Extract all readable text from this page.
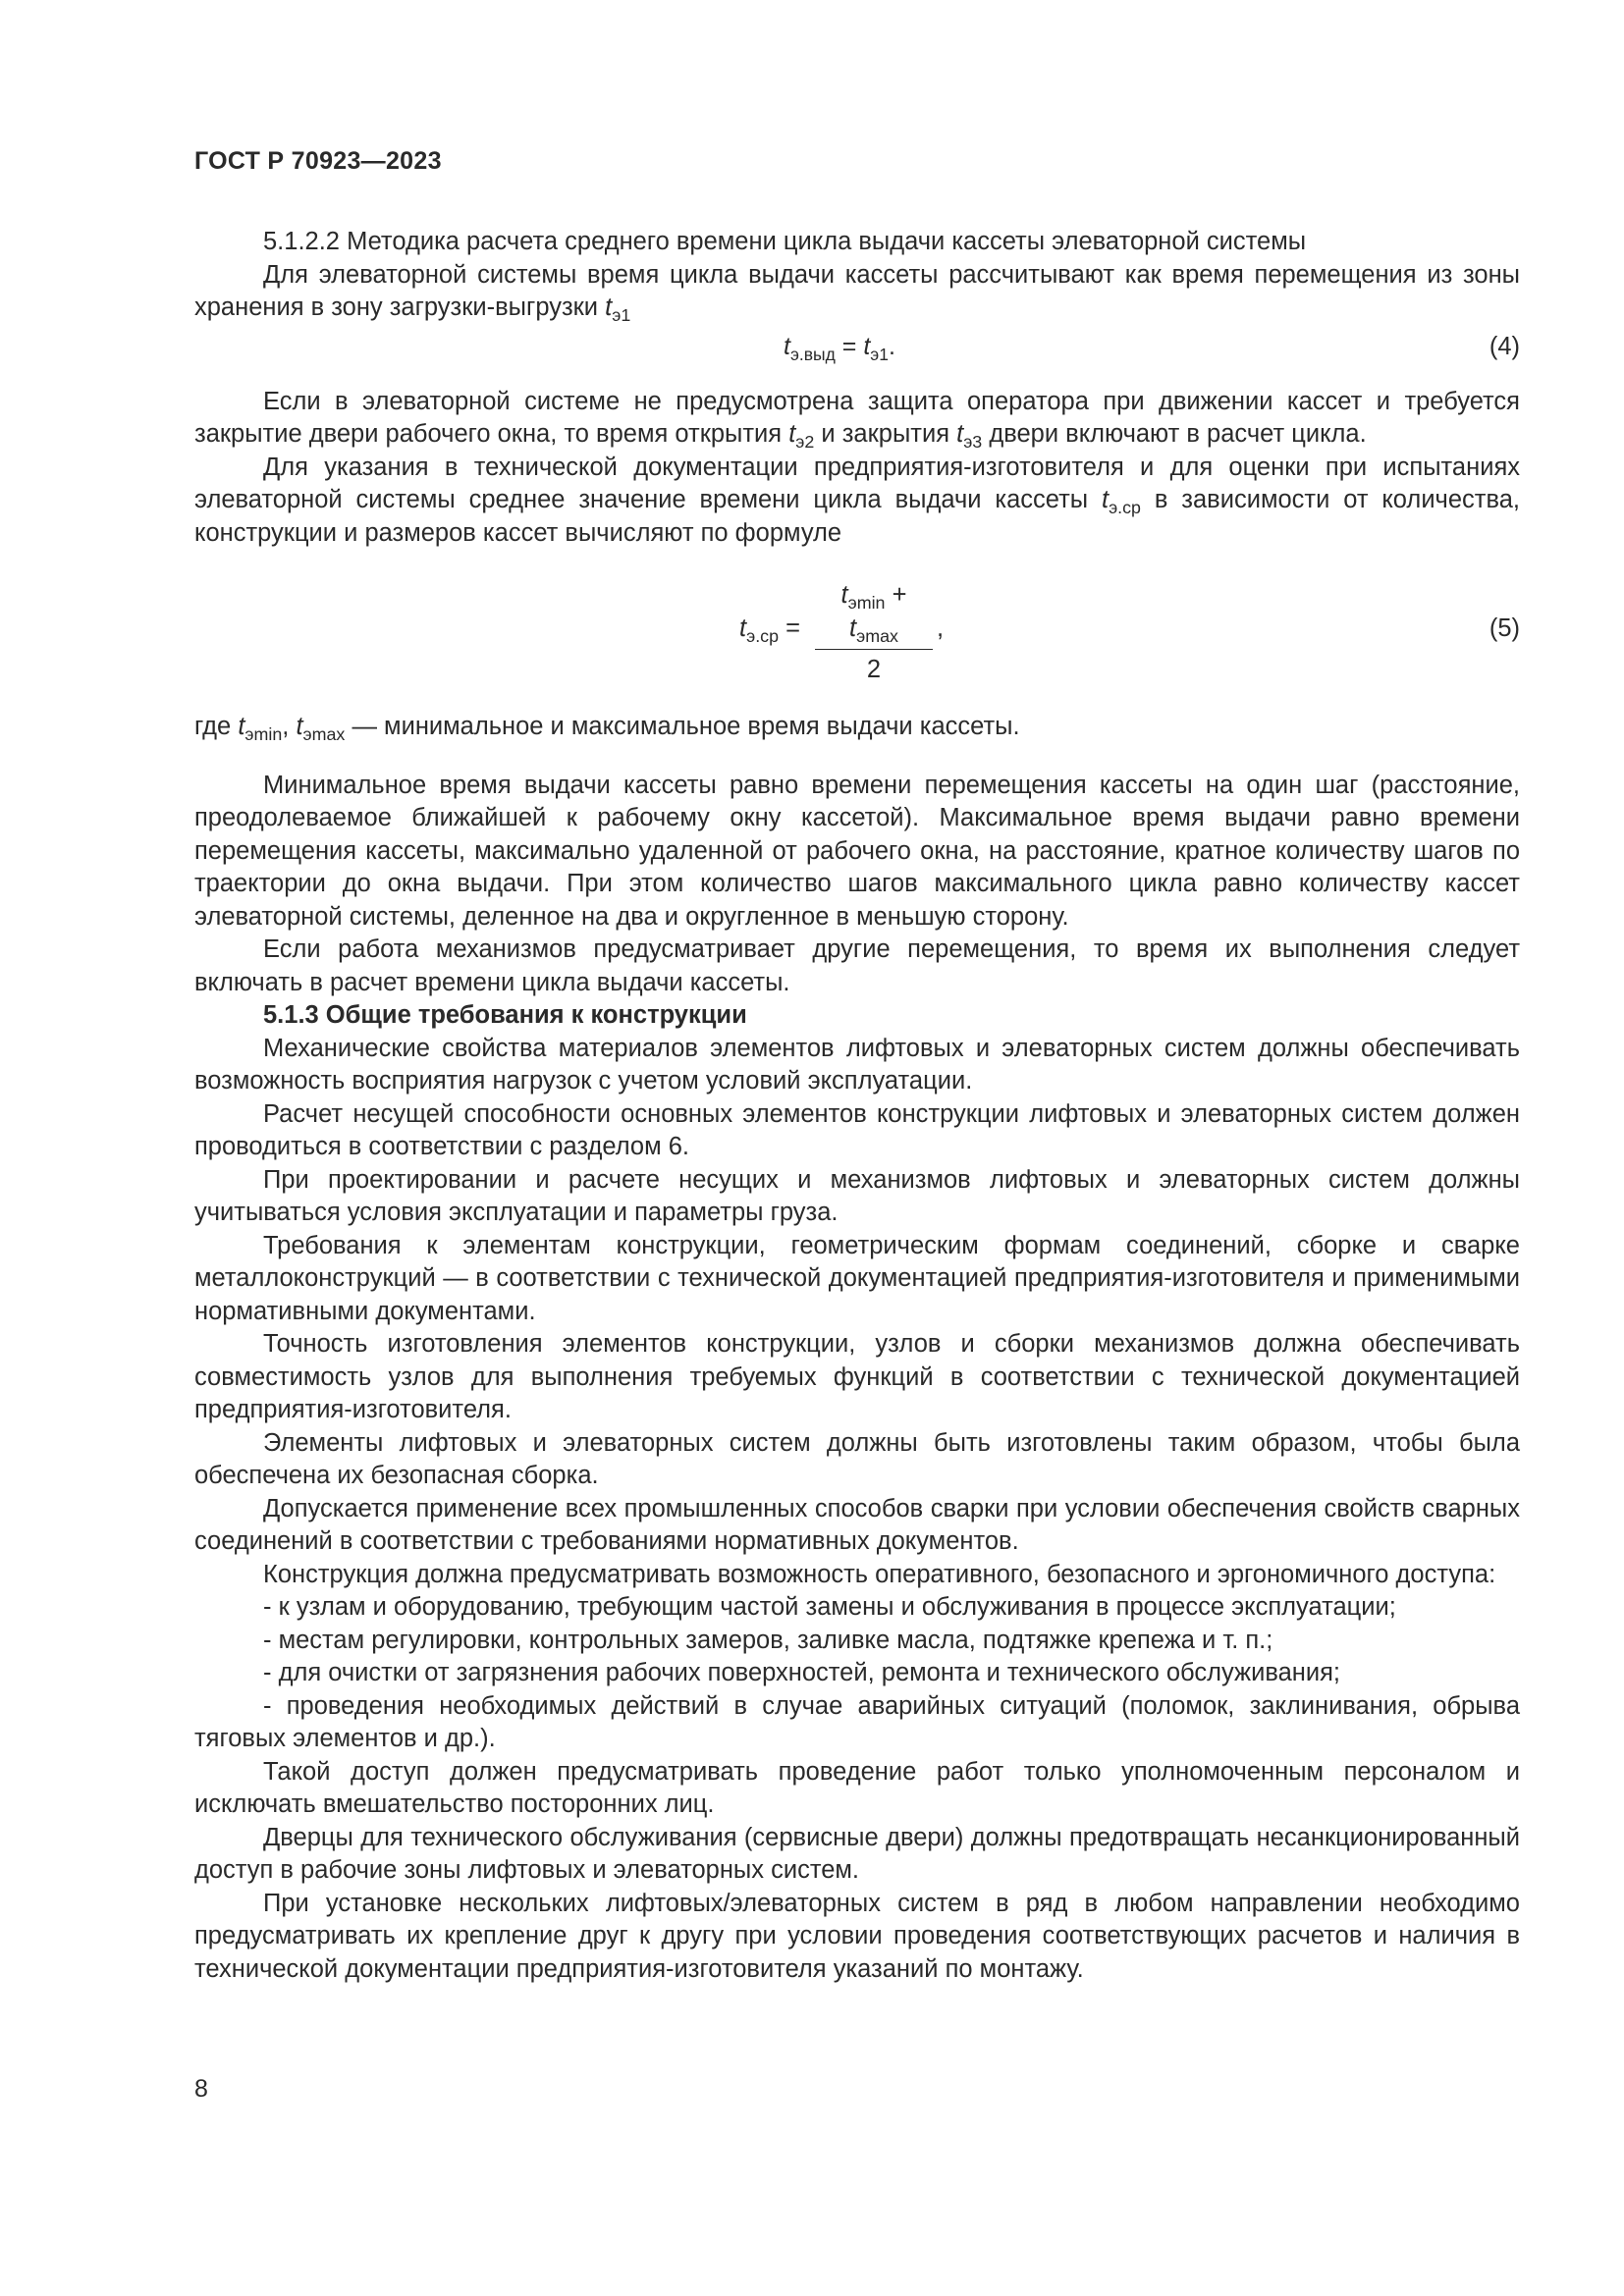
ГОСТ Р 70923—2023

5.1.2.2 Методика расчета среднего времени цикла выдачи кассеты элеваторной системы

Для элеваторной системы время цикла выдачи кассеты рассчитывают как время перемещения из зоны хранения в зону загрузки-выгрузки $t_{э1}$

$t_{э.выд} = t_{э1}$.	(4)

Если в элеваторной системе не предусмотрена защита оператора при движении кассет и требуется закрытие двери рабочего окна, то время открытия $t_{э2}$ и закрытия $t_{э3}$ двери включают в расчет цикла.

Для указания в технической документации предприятия-изготовителя и для оценки при испытаниях элеваторной системы среднее значение времени цикла выдачи кассеты $t_{э.ср}$ в зависимости от количества, конструкции и размеров кассет вычисляют по формуле

$t_{э.ср}$ =
$t_{эmin} + t_{эmax}$
2
,	(5)

где $t_{эmin}$, $t_{эmax}$ — минимальное и максимальное время выдачи кассеты.

Минимальное время выдачи кассеты равно времени перемещения кассеты на один шаг (расстояние, преодолеваемое ближайшей к рабочему окну кассетой). Максимальное время выдачи равно времени перемещения кассеты, максимально удаленной от рабочего окна, на расстояние, кратное количеству шагов по траектории до окна выдачи. При этом количество шагов максимального цикла равно количеству кассет элеваторной системы, деленное на два и округленное в меньшую сторону.

Если работа механизмов предусматривает другие перемещения, то время их выполнения следует включать в расчет времени цикла выдачи кассеты.

5.1.3 Общие требования к конструкции

Механические свойства материалов элементов лифтовых и элеваторных систем должны обеспечивать возможность восприятия нагрузок с учетом условий эксплуатации.

Расчет несущей способности основных элементов конструкции лифтовых и элеваторных систем должен проводиться в соответствии с разделом 6.

При проектировании и расчете несущих и механизмов лифтовых и элеваторных систем должны учитываться условия эксплуатации и параметры груза.

Требования к элементам конструкции, геометрическим формам соединений, сборке и сварке металлоконструкций — в соответствии с технической документацией предприятия-изготовителя и применимыми нормативными документами.

Точность изготовления элементов конструкции, узлов и сборки механизмов должна обеспечивать совместимость узлов для выполнения требуемых функций в соответствии с технической документацией предприятия-изготовителя.

Элементы лифтовых и элеваторных систем должны быть изготовлены таким образом, чтобы была обеспечена их безопасная сборка.

Допускается применение всех промышленных способов сварки при условии обеспечения свойств сварных соединений в соответствии с требованиями нормативных документов.

Конструкция должна предусматривать возможность оперативного, безопасного и эргономичного доступа:

- к узлам и оборудованию, требующим частой замены и обслуживания в процессе эксплуатации;

- местам регулировки, контрольных замеров, заливке масла, подтяжке крепежа и т. п.;

- для очистки от загрязнения рабочих поверхностей, ремонта и технического обслуживания;

- проведения необходимых действий в случае аварийных ситуаций (поломок, заклинивания, обрыва тяговых элементов и др.).

Такой доступ должен предусматривать проведение работ только уполномоченным персоналом и исключать вмешательство посторонних лиц.

Дверцы для технического обслуживания (сервисные двери) должны предотвращать несанкционированный доступ в рабочие зоны лифтовых и элеваторных систем.

При установке нескольких лифтовых/элеваторных систем в ряд в любом направлении необходимо предусматривать их крепление друг к другу при условии проведения соответствующих расчетов и наличия в технической документации предприятия-изготовителя указаний по монтажу.

8
